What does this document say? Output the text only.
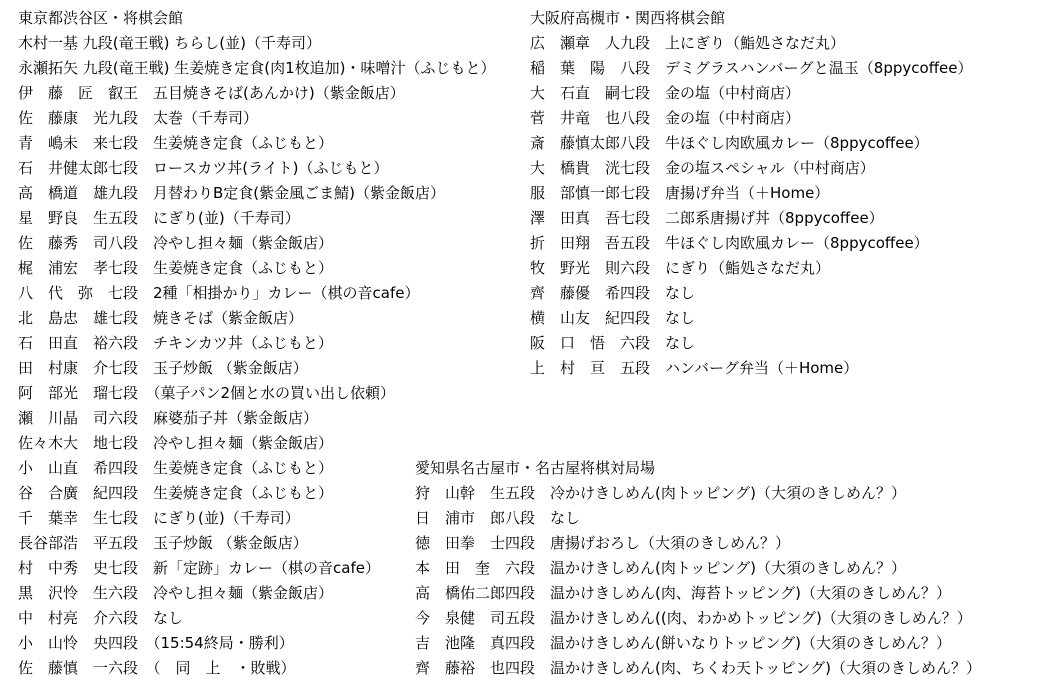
東京都渋谷区・将棋会館
木村一基 九段(竜王戦) ちらし(並)（千寿司）
永瀬拓矢 九段(竜王戦) 生姜焼き定食(肉1枚追加)・味噌汁（ふじもと）
伊　藤　匠　叡王　五目焼きそば(あんかけ)（紫金飯店）
佐　藤康　光九段　太巻（千寿司）
青　嶋未　来七段　生姜焼き定食（ふじもと）
石　井健太郎七段　ロースカツ丼(ライト)（ふじもと）
高　橋道　雄九段　月替わりB定食(紫金風ごま鯖)（紫金飯店）
星　野良　生五段　にぎり(並)（千寿司）
佐　藤秀　司八段　冷やし担々麺（紫金飯店）
梶　浦宏　孝七段　生姜焼き定食（ふじもと）
八　代　弥　七段　2種「相掛かり」カレー（棋の音cafe）
北　島忠　雄七段　焼きそば（紫金飯店）
石　田直　裕六段　チキンカツ丼（ふじもと）
田　村康　介七段　玉子炒飯 （紫金飯店）
阿　部光　瑠七段　（菓子パン2個と水の買い出し依頼）
瀬　川晶　司六段　麻婆茄子丼（紫金飯店）
佐々木大　地七段　冷やし担々麺（紫金飯店）
小　山直　希四段　生姜焼き定食（ふじもと）
谷　合廣　紀四段　生姜焼き定食（ふじもと）
千　葉幸　生七段　にぎり(並)（千寿司）
長谷部浩　平五段　玉子炒飯 （紫金飯店）
村　中秀　史七段　新「定跡」カレー（棋の音cafe）
黒　沢怜　生六段　冷やし担々麺（紫金飯店）
中　村亮　介六段　なし
小　山怜　央四段　（15:54終局・勝利）
佐　藤慎　一六段　（　同　上　・敗戦）
大阪府高槻市・関西将棋会館
広　瀬章　人九段　上にぎり（鮨処さなだ丸）
稲　葉　陽　八段　デミグラスハンバーグと温玉（8ppycoffee）
大　石直　嗣七段　金の塩（中村商店）
菅　井竜　也八段　金の塩（中村商店）
斎　藤慎太郎八段　牛ほぐし肉欧風カレー（8ppycoffee）
大　橋貴　洸七段　金の塩スペシャル（中村商店）
服　部慎一郎七段　唐揚げ弁当（＋Home）
澤　田真　吾七段　二郎系唐揚げ丼（8ppycoffee）
折　田翔　吾五段　牛ほぐし肉欧風カレー（8ppycoffee）
牧　野光　則六段　にぎり（鮨処さなだ丸）
齊　藤優　希四段　なし
横　山友　紀四段　なし
阪　口　悟　六段　なし
上　村　亘　五段　ハンバーグ弁当（＋Home）
愛知県名古屋市・名古屋将棋対局場
狩　山幹　生五段　冷かけきしめん(肉トッピング)（大須のきしめん？）
日　浦市　郎八段　なし
徳　田拳　士四段　唐揚げおろし（大須のきしめん？）
本　田　奎　六段　温かけきしめん(肉トッピング)（大須のきしめん？）
高　橋佑二郎四段　温かけきしめん(肉、海苔トッピング)（大須のきしめん？）
今　泉健　司五段　温かけきしめん((肉、わかめトッピング)（大須のきしめん？）
吉　池隆　真四段　温かけきしめん(餅いなりトッピング)（大須のきしめん？）
齊　藤裕　也四段　温かけきしめん(肉、ちくわ天トッピング)（大須のきしめん？）
